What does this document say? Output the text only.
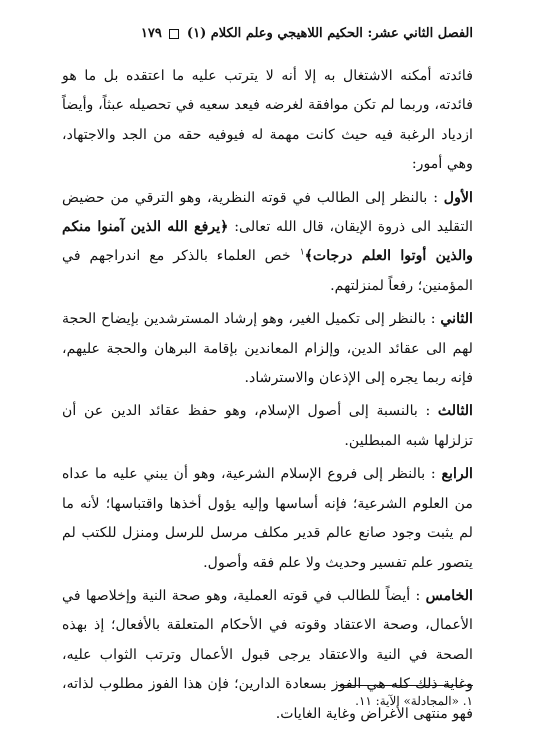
الفصل الثاني عشر: الحكيم اللاهيجي وعلم الكلام (١)  ١٧٩

فائدته أمكنه الاشتغال به إلا أنه لا يترتب عليه ما اعتقده بل ما هو فائدته، وربما لم تكن موافقة لغرضه فيعد سعيه في تحصيله عبثاً، وأيضاً ازدياد الرغبة فيه حيث كانت مهمة له فيوفيه حقه من الجد والاجتهاد، وهي أمور:

الأول : بالنظر إلى الطالب في قوته النظرية، وهو الترقي من حضيض التقليد الى ذروة الإيقان، قال الله تعالى: ﴿يرفع الله الذين آمنوا منكم والذين أوتوا العلم درجات﴾$^١$ خص العلماء بالذكر مع اندراجهم في المؤمنين؛ رفعاً لمنزلتهم.

الثاني : بالنظر إلى تكميل الغير، وهو إرشاد المسترشدين بإيضاح الحجة لهم الى عقائد الدين، وإلزام المعاندين بإقامة البرهان والحجة عليهم، فإنه ربما يجره إلى الإذعان والاسترشاد.

الثالث : بالنسبة إلى أصول الإسلام، وهو حفظ عقائد الدين عن أن تزلزلها شبه المبطلين.

الرابع : بالنظر إلى فروع الإسلام الشرعية، وهو أن يبني عليه ما عداه من العلوم الشرعية؛ فإنه أساسها وإليه يؤول أخذها واقتباسها؛ لأنه ما لم يثبت وجود صانع عالم قدير مكلف مرسل للرسل ومنزل للكتب لم يتصور علم تفسير وحديث ولا علم فقه وأصول.

الخامس : أيضاً للطالب في قوته العملية، وهو صحة النية وإخلاصها في الأعمال، وصحة الاعتقاد وقوته في الأحكام المتعلقة بالأفعال؛ إذ بهذه الصحة في النية والاعتقاد يرجى قبول الأعمال وترتب الثواب عليه، وغاية ذلك كله هي الفوز بسعادة الدارين؛ فإن هذا الفوز مطلوب لذاته، فهو منتهى الأغراض وغاية الغايات.

١. «المجادلة» الآية: ١١.
